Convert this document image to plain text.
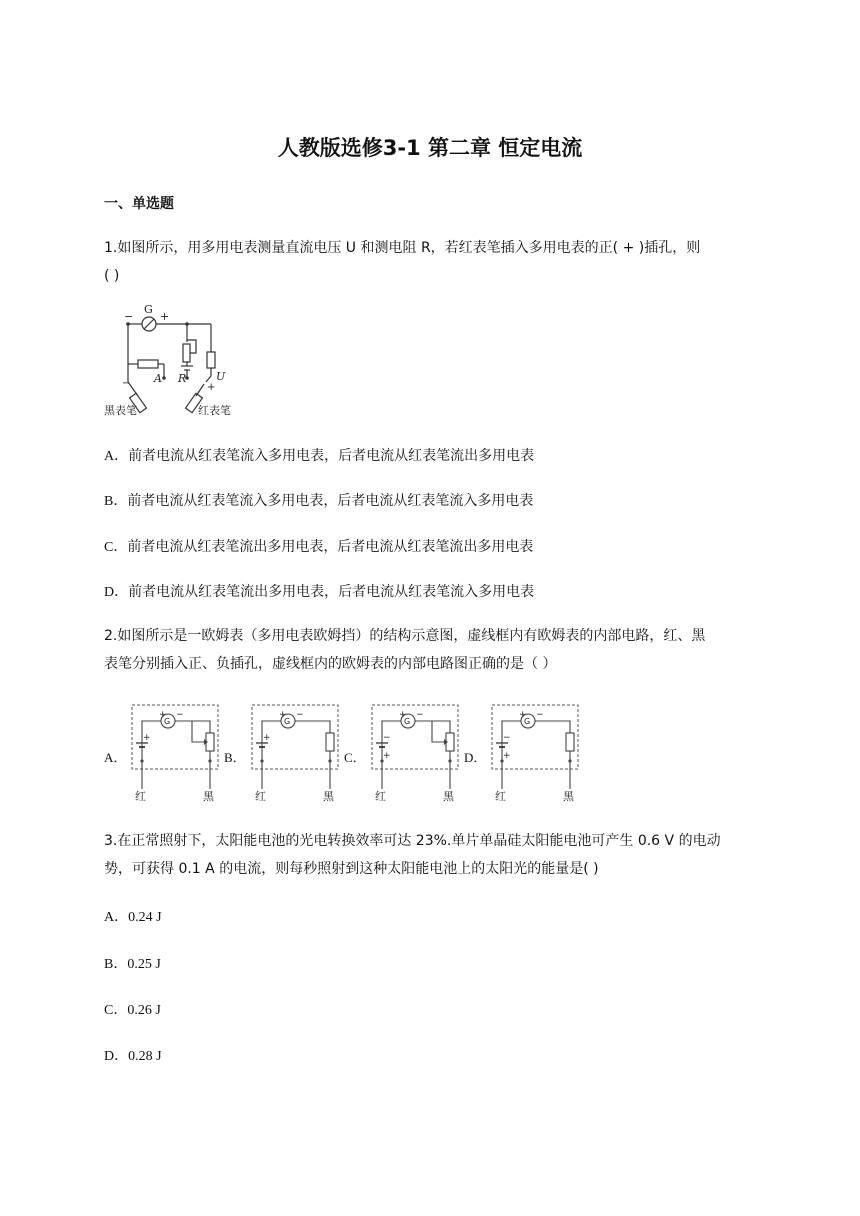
人教版选修3-1 第二章 恒定电流
一、单选题
1.如图所示，用多用电表测量直流电压 U 和测电阻 R，若红表笔插入多用电表的正( + )插孔，则
( )
− +
G
A R	U
−	+
黑表笔	红表笔
A．前者电流从红表笔流入多用电表，后者电流从红表笔流出多用电表
B．前者电流从红表笔流入多用电表，后者电流从红表笔流入多用电表
C．前者电流从红表笔流出多用电表，后者电流从红表笔流出多用电表
D．前者电流从红表笔流出多用电表，后者电流从红表笔流入多用电表
2.如图所示是一欧姆表（多用电表欧姆挡）的结构示意图，虚线框内有欧姆表的内部电路，红、黑
表笔分别插入正、负插孔，虚线框内的欧姆表的内部电路图正确的是（ ）
A．
+ −
G
+
红	黑
B．
+ −
G
+
红	黑
C．
+ −
G
−
+
红	黑
D．
+ −
G
−
+
红	黑
3.在正常照射下，太阳能电池的光电转换效率可达 23%.单片单晶硅太阳能电池可产生 0.6 V 的电动
势，可获得 0.1 A 的电流，则每秒照射到这种太阳能电池上的太阳光的能量是( )
A．0.24 J
B．0.25 J
C．0.26 J
D．0.28 J
